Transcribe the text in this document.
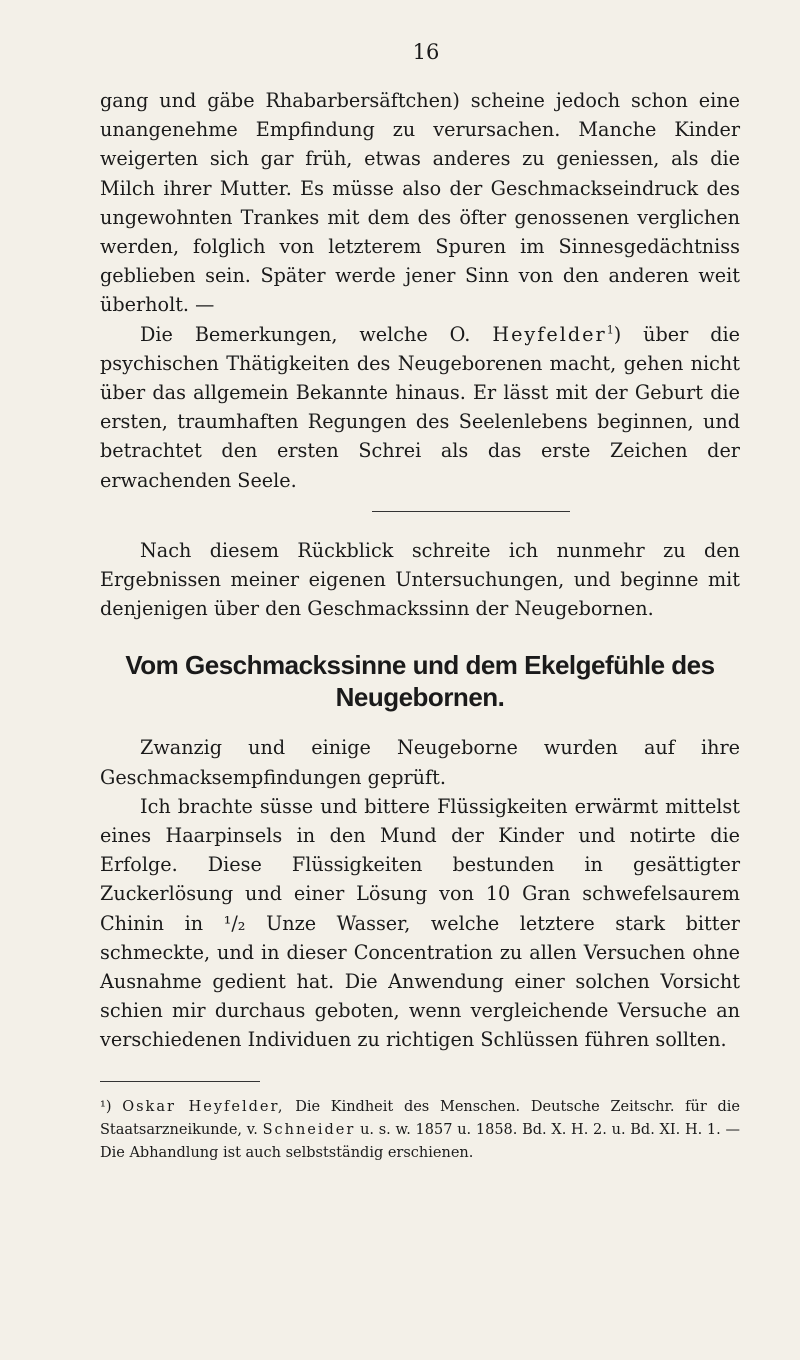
16

gang und gäbe Rhabarbersäftchen) scheine jedoch schon eine unangenehme Empfindung zu verursachen. Manche Kinder weigerten sich gar früh, etwas anderes zu geniessen, als die Milch ihrer Mutter. Es müsse also der Geschmackseindruck des ungewohnten Trankes mit dem des öfter genossenen verglichen werden, folglich von letzterem Spuren im Sinnesgedächtniss geblieben sein. Später werde jener Sinn von den anderen weit überholt. —

Die Bemerkungen, welche O. Heyfelder$^1$) über die psychischen Thätigkeiten des Neugeborenen macht, gehen nicht über das allgemein Bekannte hinaus. Er lässt mit der Geburt die ersten, traumhaften Regungen des Seelenlebens beginnen, und betrachtet den ersten Schrei als das erste Zeichen der erwachenden Seele.

Nach diesem Rückblick schreite ich nunmehr zu den Ergebnissen meiner eigenen Untersuchungen, und beginne mit denjenigen über den Geschmackssinn der Neugebornen.

Vom Geschmackssinne und dem Ekelgefühle des
Neugebornen.

Zwanzig und einige Neugeborne wurden auf ihre Geschmacksempfindungen geprüft.

Ich brachte süsse und bittere Flüssigkeiten erwärmt mittelst eines Haarpinsels in den Mund der Kinder und notirte die Erfolge. Diese Flüssigkeiten bestunden in gesättigter Zuckerlösung und einer Lösung von 10 Gran schwefelsaurem Chinin in ¹/₂ Unze Wasser, welche letztere stark bitter schmeckte, und in dieser Concentration zu allen Versuchen ohne Ausnahme gedient hat. Die Anwendung einer solchen Vorsicht schien mir durchaus geboten, wenn vergleichende Versuche an verschiedenen Individuen zu richtigen Schlüssen führen sollten.

¹) Oskar Heyfelder, Die Kindheit des Menschen. Deutsche Zeitschr. für die Staatsarzneikunde, v. Schneider u. s. w. 1857 u. 1858. Bd. X. H. 2. u. Bd. XI. H. 1. — Die Abhandlung ist auch selbstständig erschienen.
